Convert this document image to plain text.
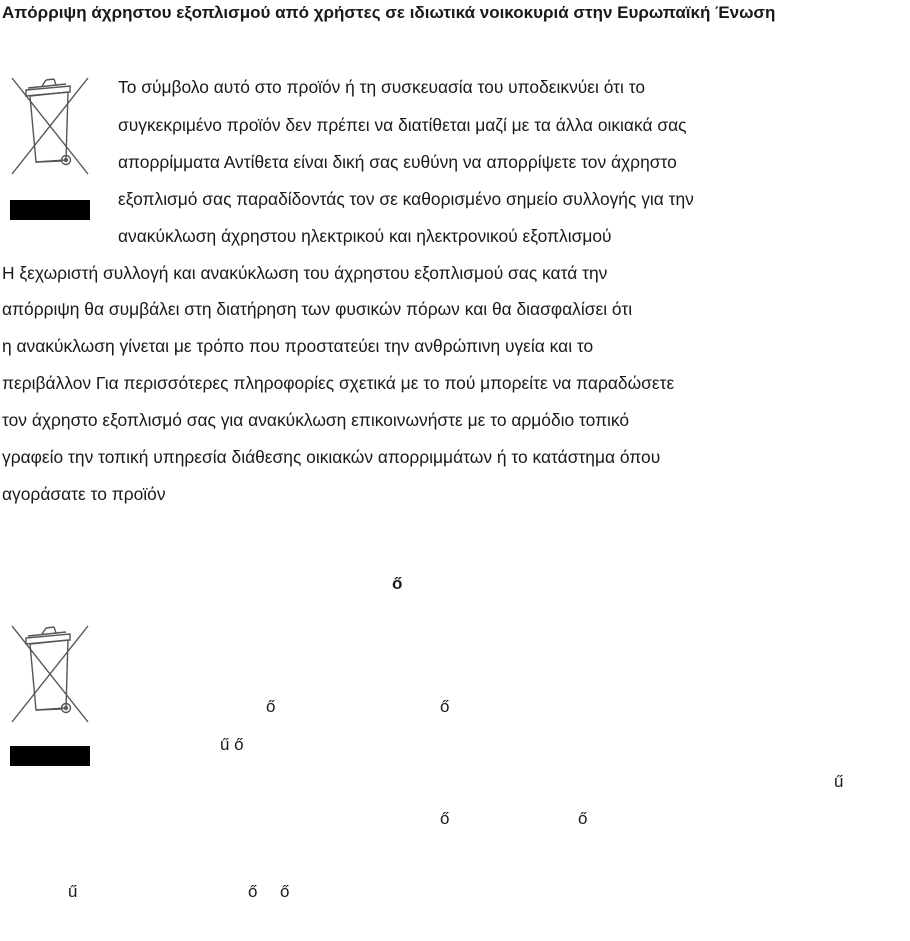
Απόρριψη άχρηστου εξοπλισμού από χρήστες σε ιδιωτικά νοικοκυριά στην Ευρωπαϊκή Ένωση

Το σύμβολο αυτό στο προϊόν ή τη συσκευασία του υποδεικνύει ότι το

συγκεκριμένο προϊόν δεν πρέπει να διατίθεται μαζί με τα άλλα οικιακά σας

απορρίμματα Αντίθετα είναι δική σας ευθύνη να απορρίψετε τον άχρηστο

εξοπλισμό σας παραδίδοντάς τον σε καθορισμένο σημείο συλλογής για την

ανακύκλωση άχρηστου ηλεκτρικού και ηλεκτρονικού εξοπλισμού

Η ξεχωριστή συλλογή και ανακύκλωση του άχρηστου εξοπλισμού σας κατά την

απόρριψη θα συμβάλει στη διατήρηση των φυσικών πόρων και θα διασφαλίσει ότι

η ανακύκλωση γίνεται με τρόπο που προστατεύει την ανθρώπινη υγεία και το

περιβάλλον Για περισσότερες πληροφορίες σχετικά με το πού μπορείτε να παραδώσετε

τον άχρηστο εξοπλισμό σας για ανακύκλωση επικοινωνήστε με το αρμόδιο τοπικό

γραφείο την τοπική υπηρεσία διάθεσης οικιακών απορριμμάτων ή το κατάστημα όπου

αγοράσατε το προϊόν

ő
ő	ő
ű ő
ű
ő	ő
ű	ő ő
